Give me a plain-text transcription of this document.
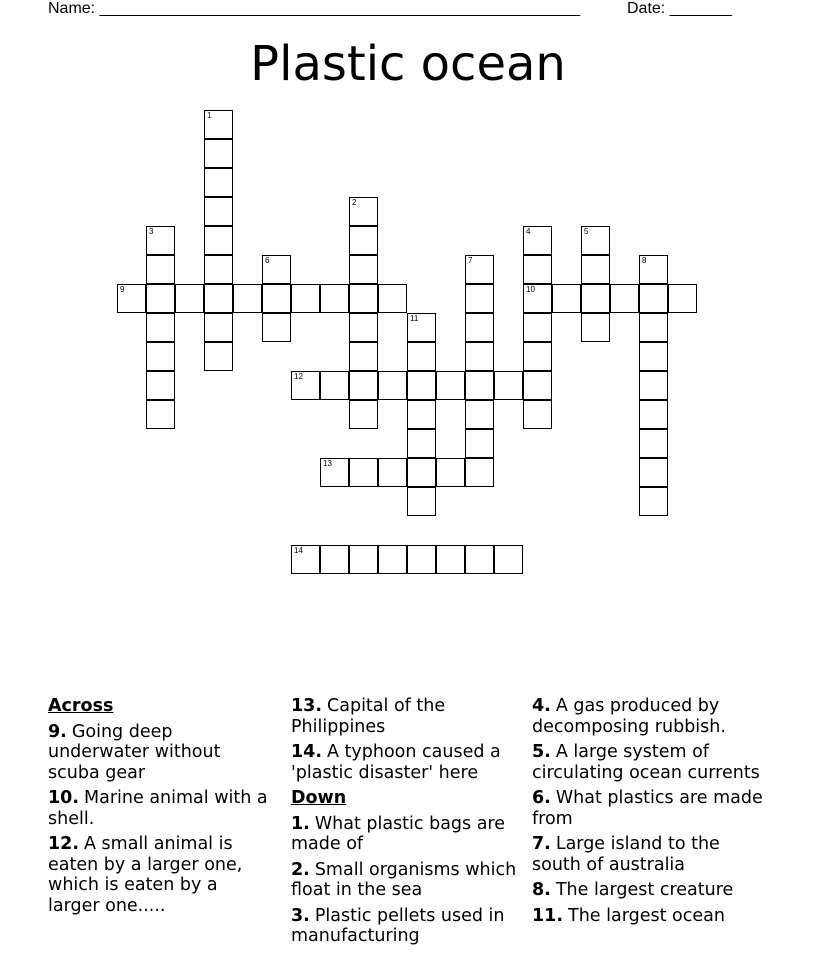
Name: ______________________________________________________	Date: _______
Plastic ocean
1
2
3	4
10
5
6	7	8
9
11
12
13
14
Across
9. Going deep underwater without scuba gear
10. Marine animal with a shell.
12. A small animal is eaten by a larger one, which is eaten by a larger one.....
13. Capital of the Philippines
14. A typhoon caused a 'plastic disaster' here
Down
1. What plastic bags are made of
2. Small organisms which float in the sea
3. Plastic pellets used in manufacturing
4. A gas produced by decomposing rubbish.
5. A large system of circulating ocean currents
6. What plastics are made from
7. Large island to the south of australia
8. The largest creature
11. The largest ocean
